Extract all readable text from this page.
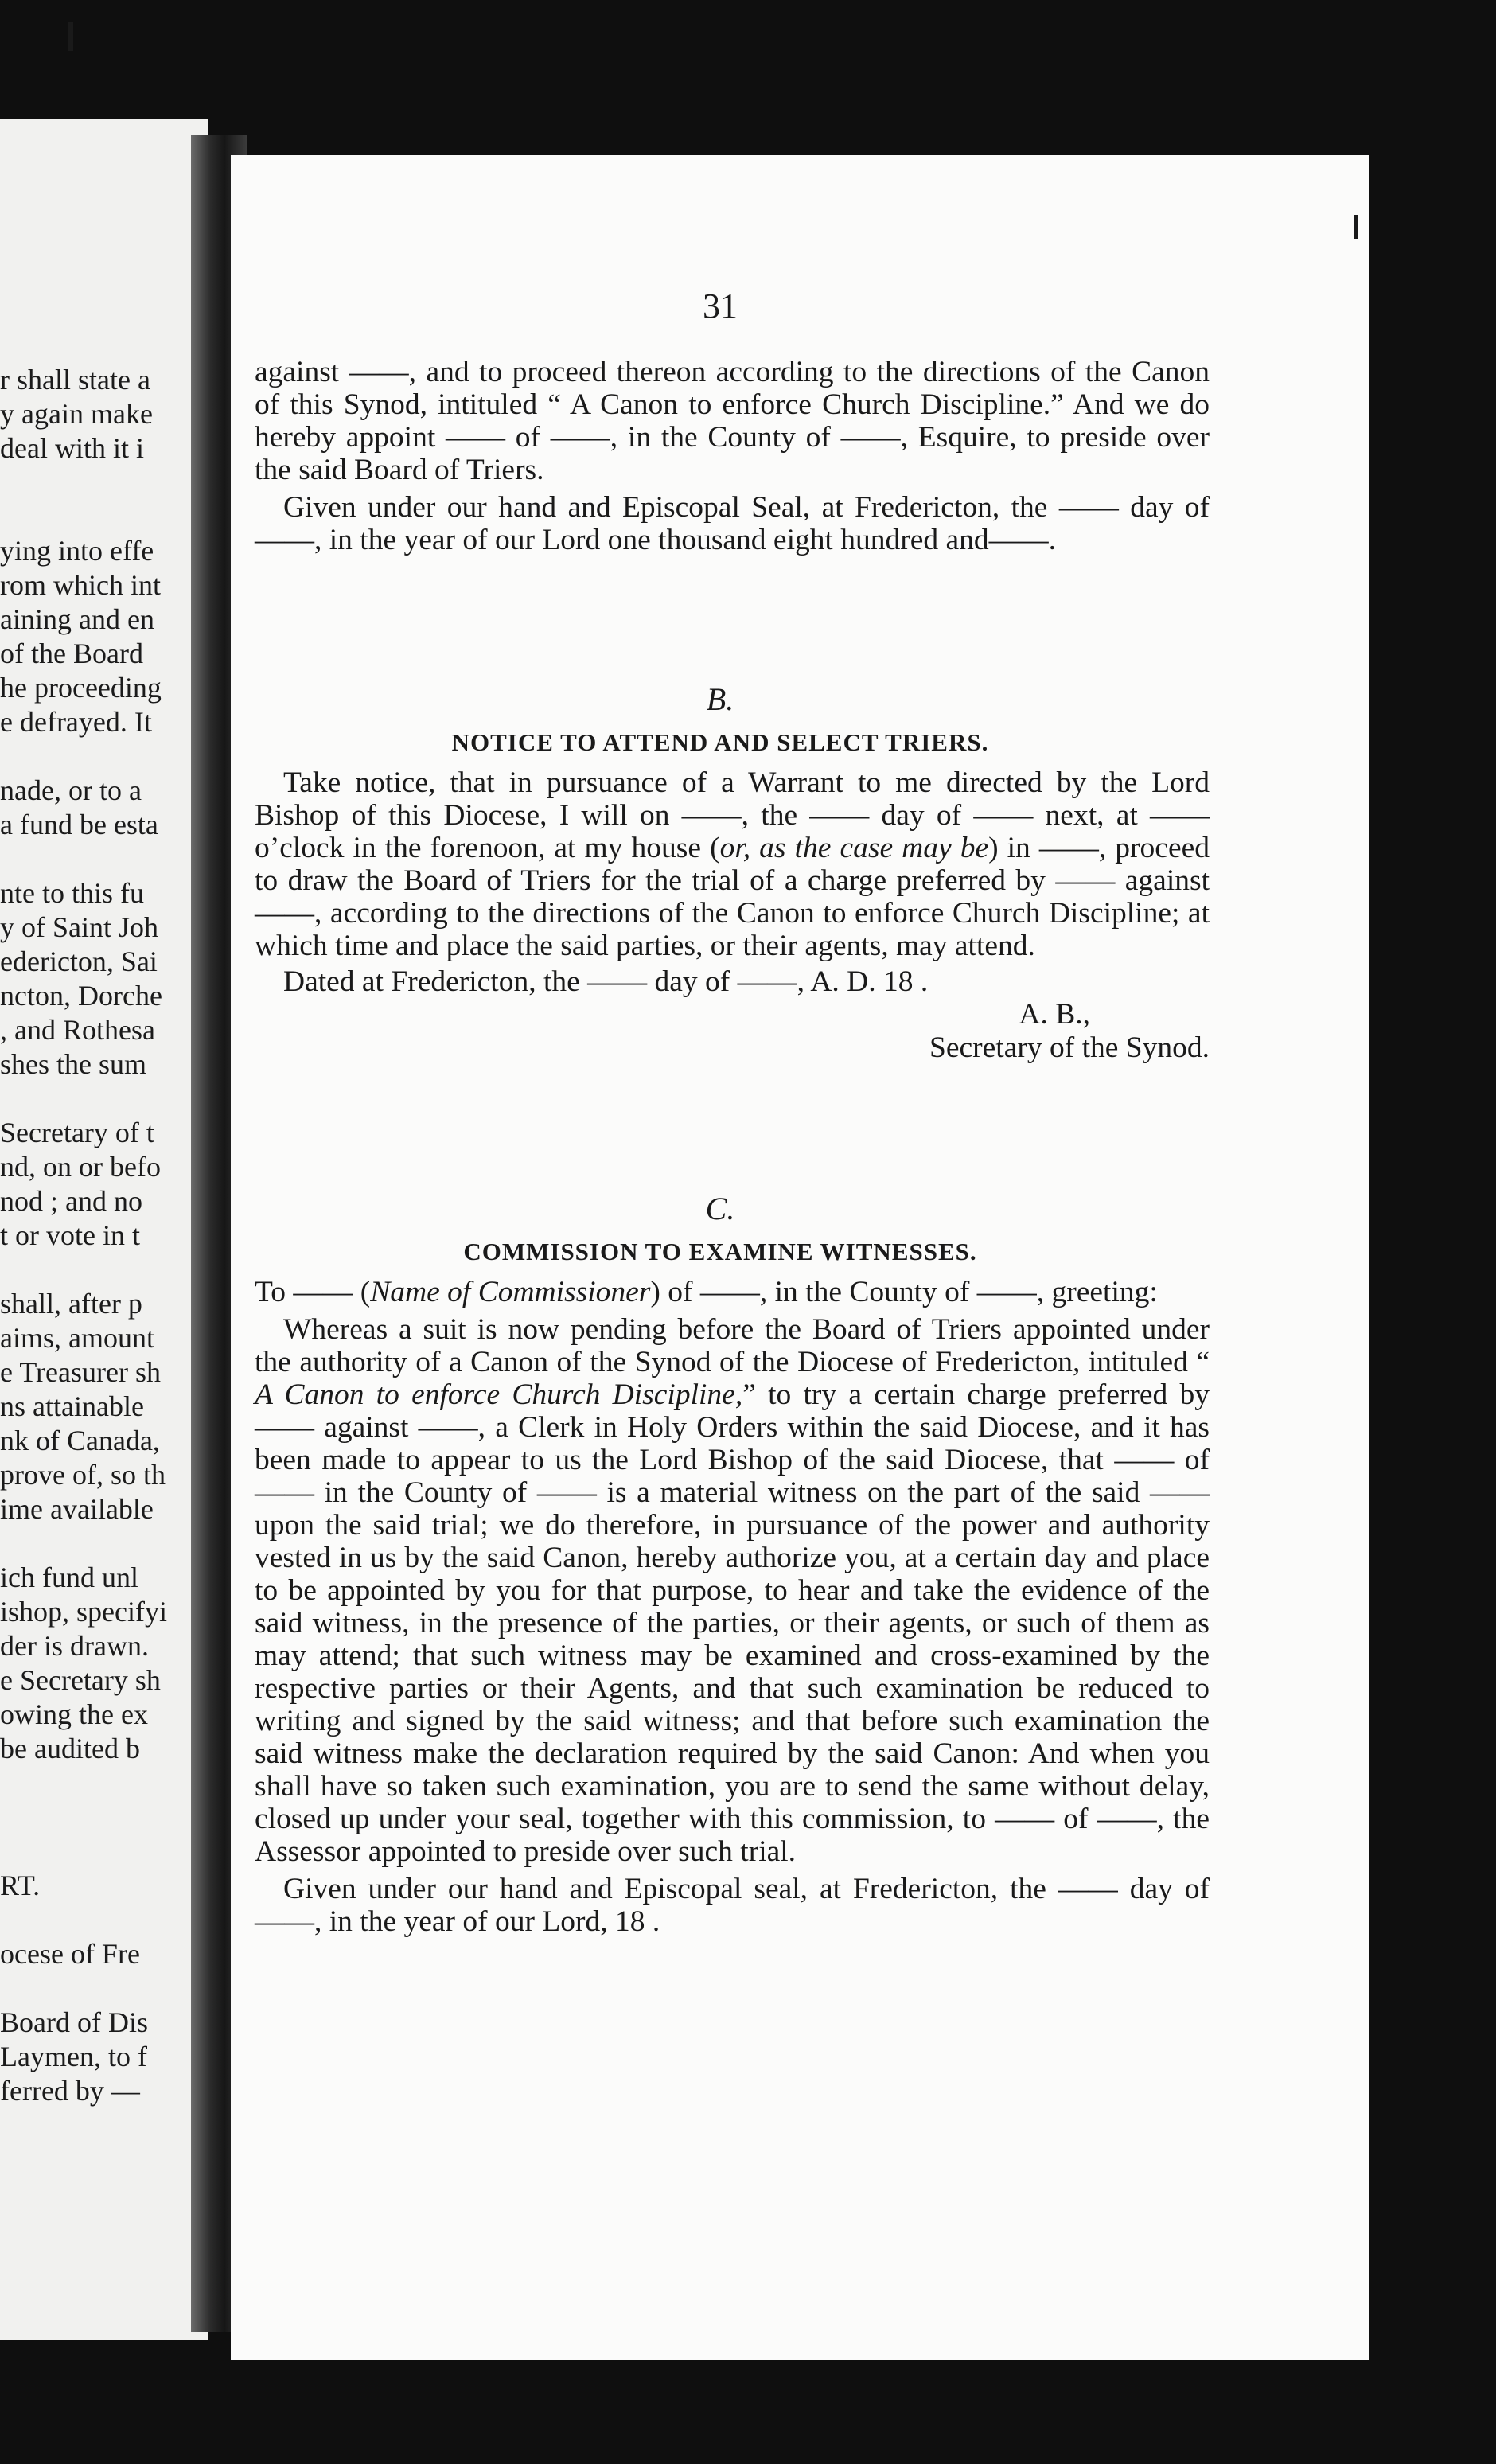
r shall state a
y again make
deal with it i
ying into effe
rom which int
aining and en
of the Board
he proceeding
e defrayed. It
nade, or to a
a fund be esta
nte to this fu
y of Saint Joh
edericton, Sai
ncton, Dorche
, and Rothesa
shes the sum
Secretary of t
nd, on or befo
nod ; and no
t or vote in t
shall, after p
aims, amount
e Treasurer sh
ns attainable
nk of Canada,
prove of, so th
ime available
ich fund unl
ishop, specifyi
der is drawn.
e Secretary sh
owing the ex
be audited b
RT.
ocese of Fre
Board of Dis
Laymen, to f
ferred by —
31

against ——, and to proceed thereon according to the directions of the Canon of this Synod, intituled “ A Canon to enforce Church Discipline.” And we do hereby appoint —— of ——, in the County of ——, Esquire, to preside over the said Board of Triers.

Given under our hand and Episcopal Seal, at Fredericton, the —— day of ——, in the year of our Lord one thousand eight hundred and——.

B.

NOTICE TO ATTEND AND SELECT TRIERS.

Take notice, that in pursuance of a Warrant to me directed by the Lord Bishop of this Diocese, I will on ——, the —— day of —— next, at —— o’clock in the forenoon, at my house (or, as the case may be) in ——, proceed to draw the Board of Triers for the trial of a charge preferred by —— against ——, according to the directions of the Canon to enforce Church Discipline; at which time and place the said parties, or their agents, may attend.

Dated at Fredericton, the —— day of ——, A. D. 18 .

A. B.,

Secretary of the Synod.

C.

COMMISSION TO EXAMINE WITNESSES.

To —— (Name of Commissioner) of ——, in the County of ——, greeting:

Whereas a suit is now pending before the Board of Triers appointed under the authority of a Canon of the Synod of the Diocese of Fredericton, intituled “ A Canon to enforce Church Discipline,” to try a certain charge preferred by —— against ——, a Clerk in Holy Orders within the said Diocese, and it has been made to appear to us the Lord Bishop of the said Diocese, that —— of —— in the County of —— is a material witness on the part of the said —— upon the said trial; we do therefore, in pursuance of the power and authority vested in us by the said Canon, hereby authorize you, at a certain day and place to be appointed by you for that purpose, to hear and take the evidence of the said witness, in the presence of the parties, or their agents, or such of them as may attend; that such witness may be examined and cross-examined by the respective parties or their Agents, and that such examination be reduced to writing and signed by the said witness; and that before such examination the said witness make the declaration required by the said Canon: And when you shall have so taken such examination, you are to send the same without delay, closed up under your seal, together with this commission, to —— of ——, the Assessor appointed to preside over such trial.

Given under our hand and Episcopal seal, at Fredericton, the —— day of ——, in the year of our Lord, 18 .
